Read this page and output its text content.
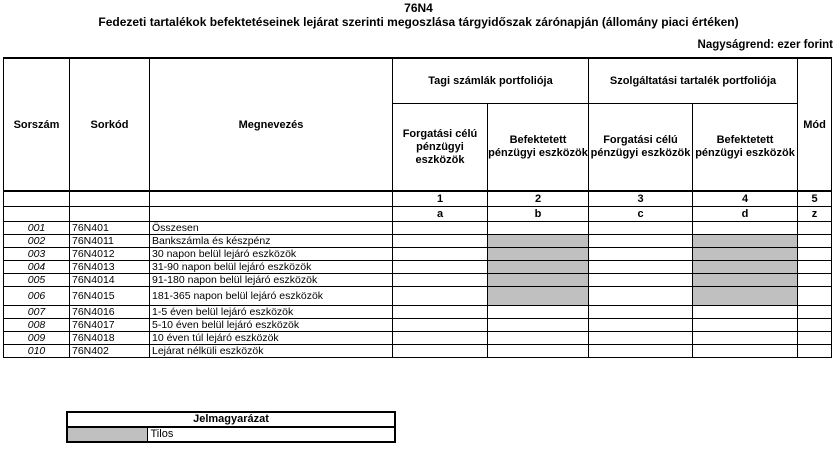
76N4
Fedezeti tartalékok befektetéseinek lejárat szerinti megoszlása tárgyidőszak zárónapján (állomány piaci értéken)
Nagyságrend: ezer forint
Sorszám	Sorkód	Megnevezés	Tagi számlák portfoliója		Szolgáltatási tartalék portfoliója		Mód
			Forgatási célú pénzügyi eszközök	Befektetett pénzügyi eszközök	Forgatási célú pénzügyi eszközök	Befektetett pénzügyi eszközök	
			1	2	3	4	5
			a	b	c	d	z
001	76N401	Összesen					
002	76N4011	Bankszámla és készpénz					
003	76N4012	30 napon belül lejáró eszközök					
004	76N4013	31-90 napon belül lejáró eszközök					
005	76N4014	91-180 napon belül lejáró eszközök					
006	76N4015	181-365 napon belül lejáró eszközök					
007	76N4016	1-5 éven belül lejáró eszközök					
008	76N4017	5-10 éven belül lejáró eszközök					
009	76N4018	10 éven túl lejáró eszközök					
010	76N402	Lejárat nélküli eszközök					
Jelmagyarázat
	Tilos
